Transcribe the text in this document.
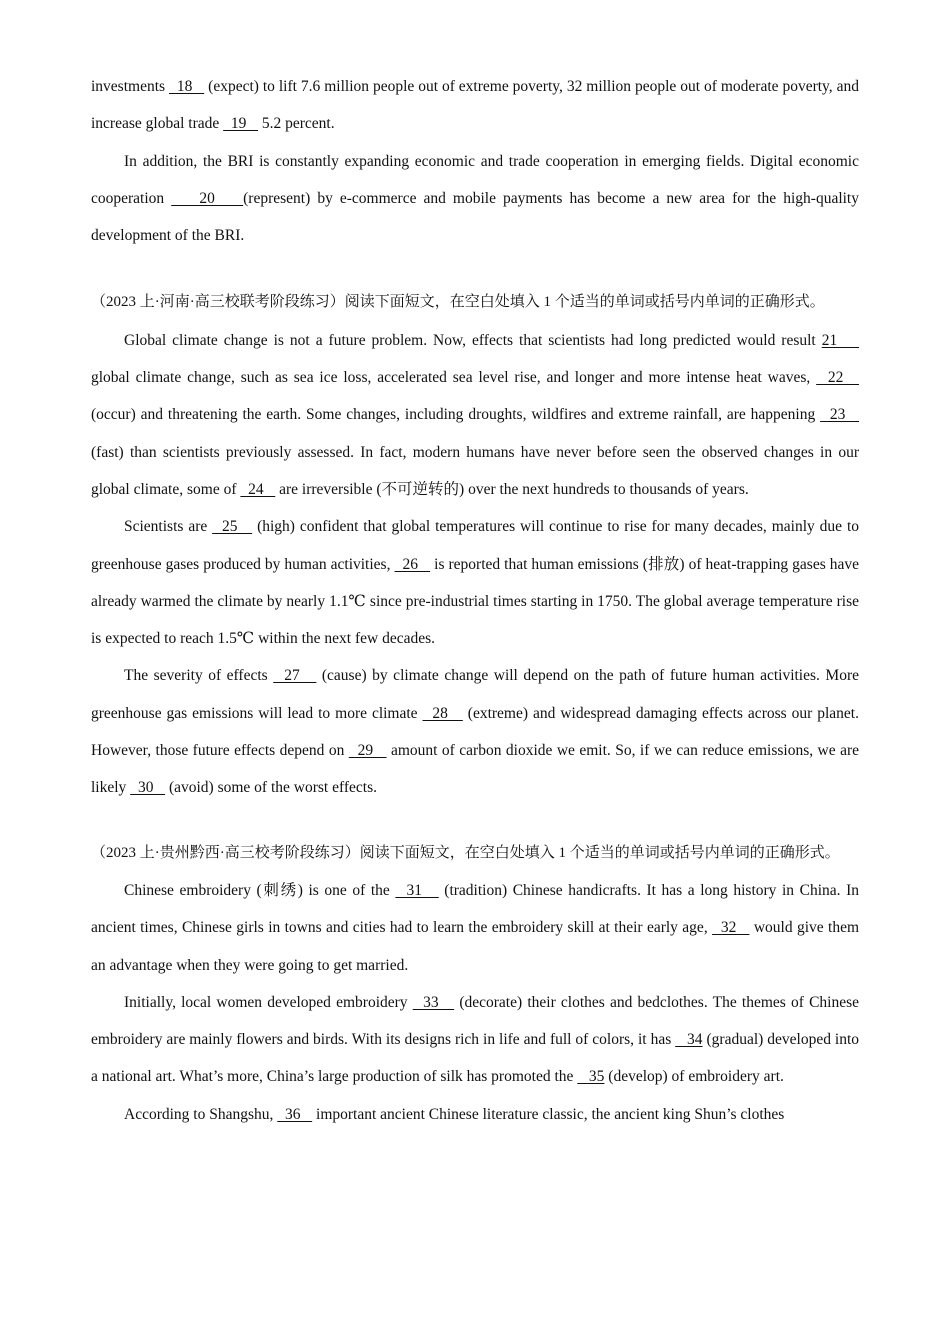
investments   18    (expect) to lift 7.6 million people out of extreme poverty, 32 million people out of moderate poverty, and increase global trade   19    5.2 percent.

In addition, the BRI is constantly expanding economic and trade cooperation in emerging fields. Digital economic cooperation     20    (represent) by e-commerce and mobile payments has become a new area for the high-quality development of the BRI.

（2023 上·河南·高三校联考阶段练习）阅读下面短文，在空白处填入 1 个适当的单词或括号内单词的正确形式。

Global climate change is not a future problem. Now, effects that scientists had long predicted would result 21     global climate change, such as sea ice loss, accelerated sea level rise, and longer and more intense heat waves,   22    (occur) and threatening the earth. Some changes, including droughts, wildfires and extreme rainfall, are happening   23    (fast) than scientists previously assessed. In fact, modern humans have never before seen the observed changes in our global climate, some of   24    are irreversible (不可逆转的) over the next hundreds to thousands of years.

Scientists are   25    (high) confident that global temperatures will continue to rise for many decades, mainly due to greenhouse gases produced by human activities,   26    is reported that human emissions (排放) of heat-trapping gases have already warmed the climate by nearly 1.1℃ since pre-industrial times starting in 1750. The global average temperature rise is expected to reach 1.5℃ within the next few decades.

The severity of effects   27    (cause) by climate change will depend on the path of future human activities. More greenhouse gas emissions will lead to more climate   28    (extreme) and widespread damaging effects across our planet. However, those future effects depend on   29    amount of carbon dioxide we emit. So, if we can reduce emissions, we are likely   30    (avoid) some of the worst effects.

（2023 上·贵州黔西·高三校考阶段练习）阅读下面短文，在空白处填入 1 个适当的单词或括号内单词的正确形式。

Chinese embroidery (刺绣) is one of the   31    (tradition) Chinese handicrafts. It has a long history in China. In ancient times, Chinese girls in towns and cities had to learn the embroidery skill at their early age,   32    would give them an advantage when they were going to get married.

Initially, local women developed embroidery   33    (decorate) their clothes and bedclothes. The themes of Chinese embroidery are mainly flowers and birds. With its designs rich in life and full of colors, it has    34 (gradual) developed into a national art. What’s more, China’s large production of silk has promoted the    35 (develop) of embroidery art.

According to Shangshu,   36    important ancient Chinese literature classic, the ancient king Shun’s clothes
